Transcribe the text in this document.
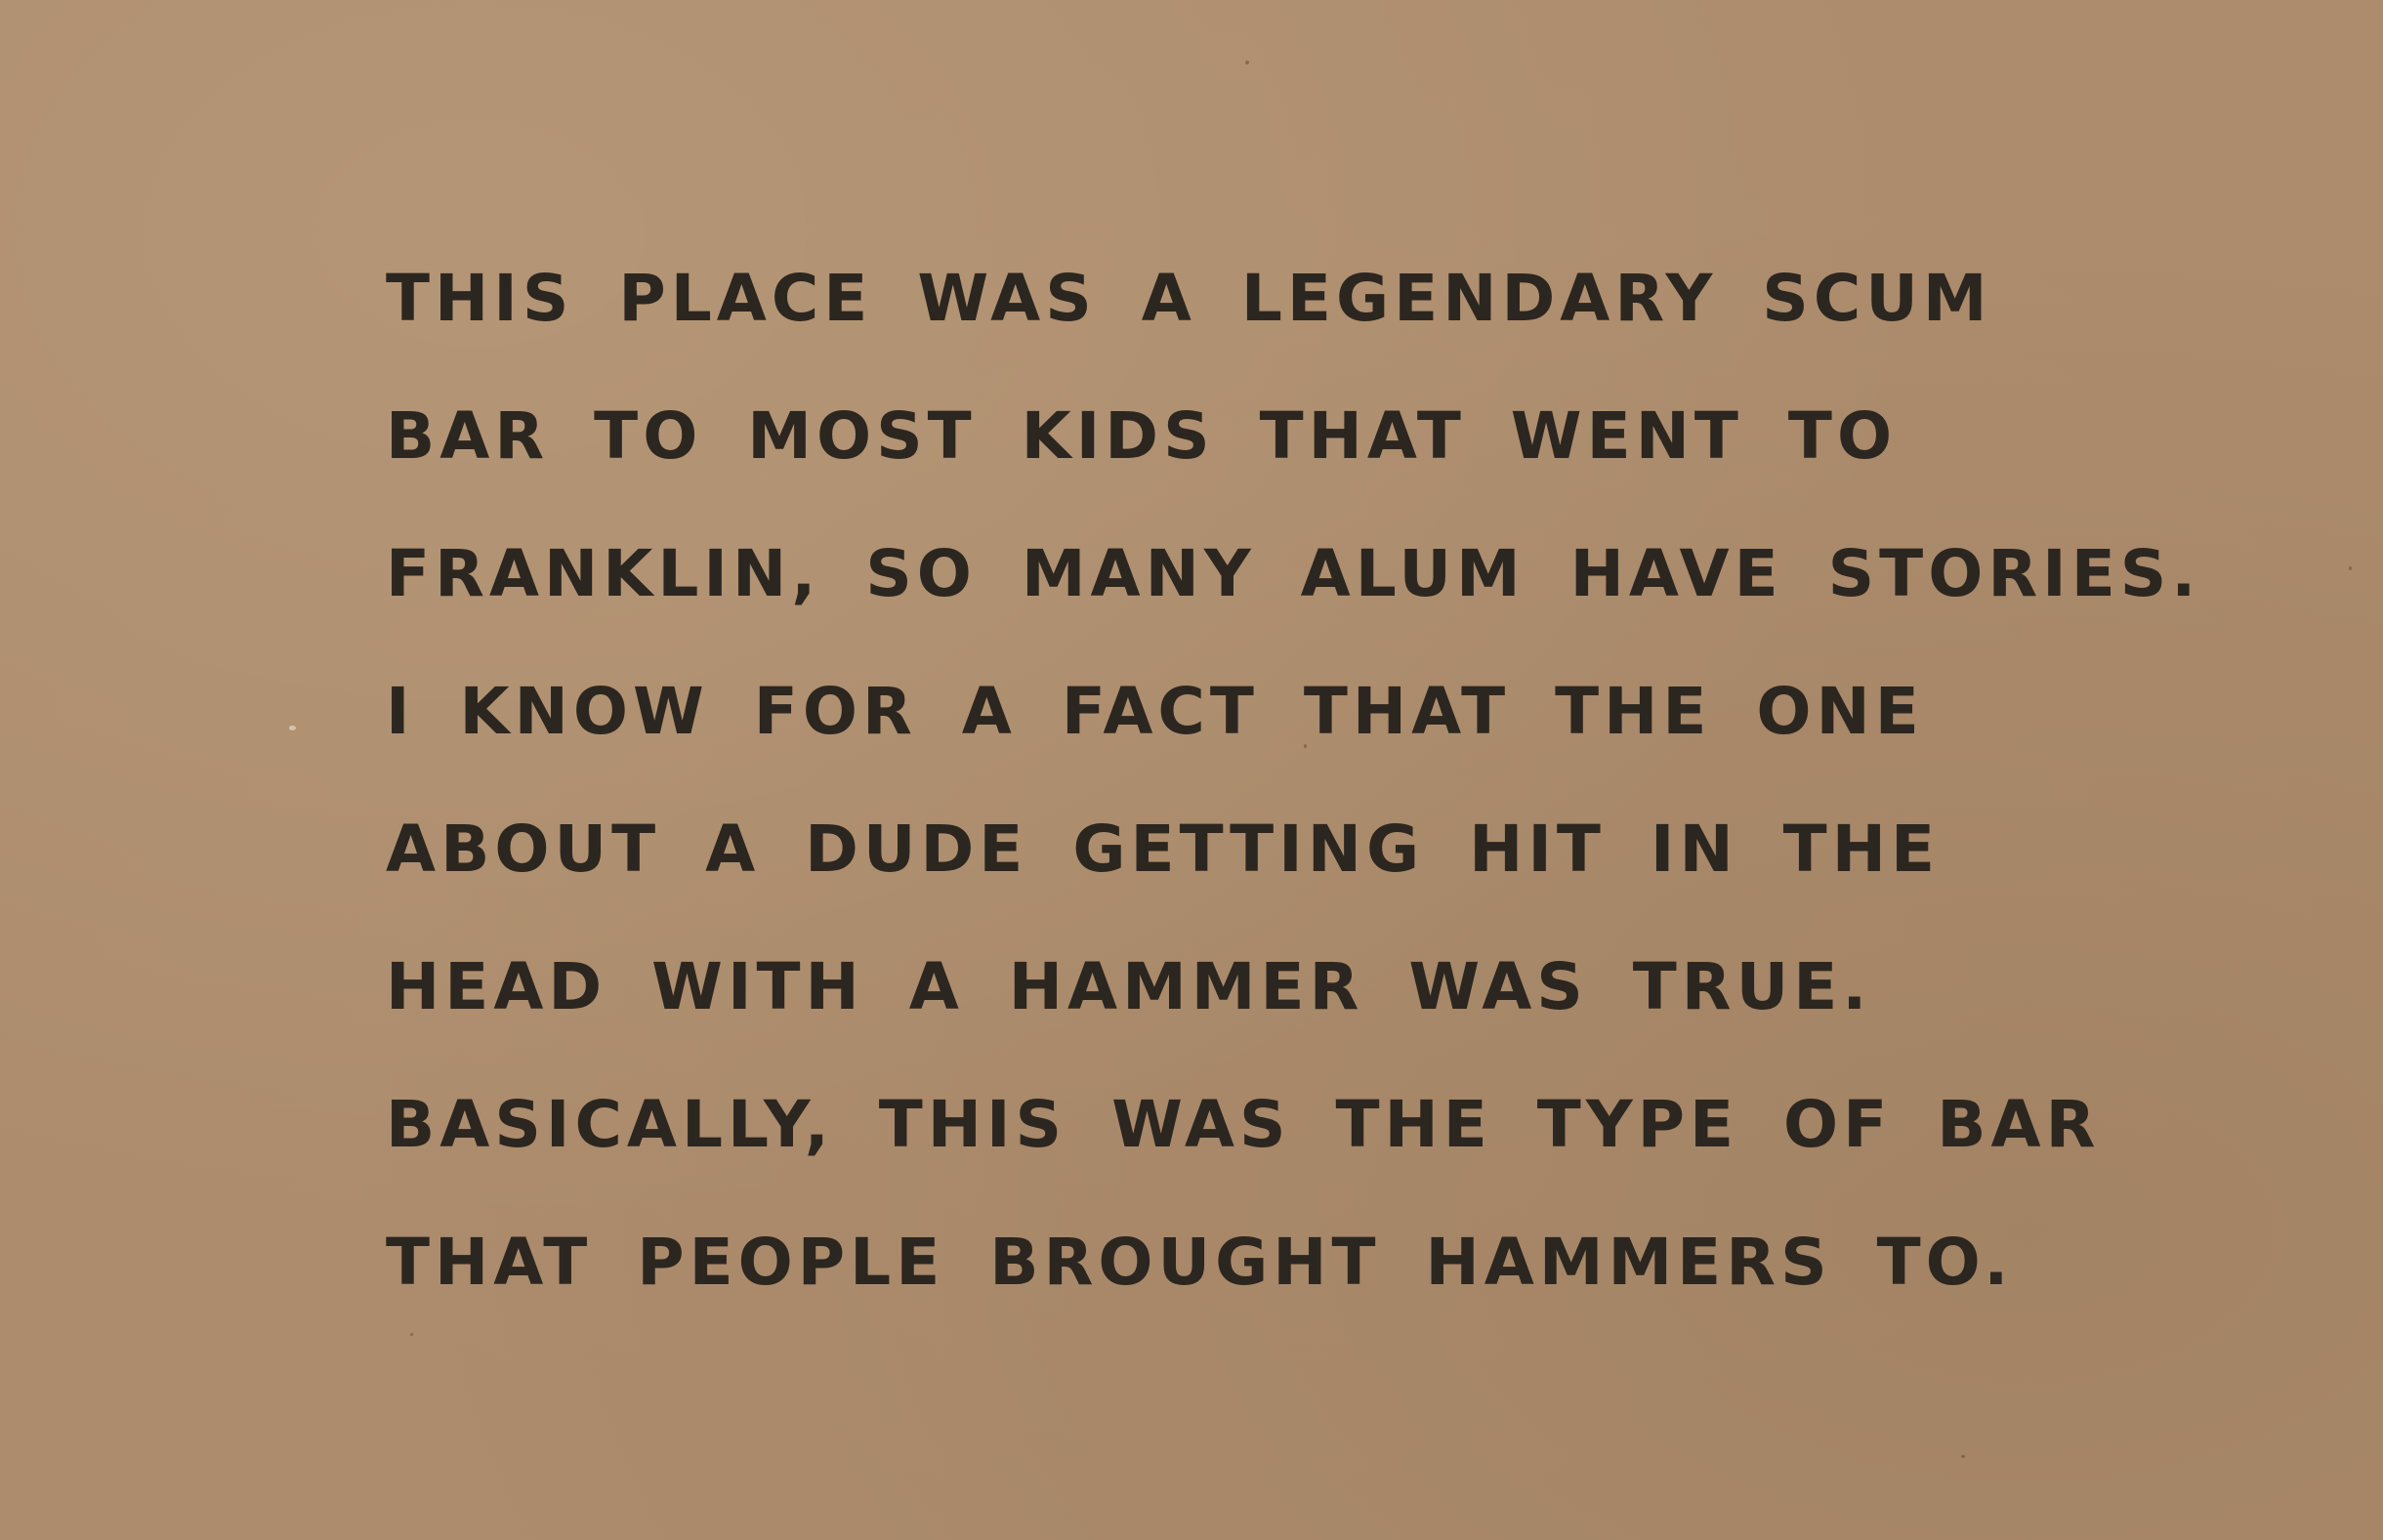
THIS PLACE WAS A LEGENDARY SCUM
BAR TO MOST KIDS THAT WENT TO
FRANKLIN, SO MANY ALUM HAVE STORIES.
I KNOW FOR A FACT THAT THE ONE
ABOUT A DUDE GETTING HIT IN THE
HEAD WITH A HAMMER WAS TRUE.
BASICALLY, THIS WAS THE TYPE OF BAR
THAT PEOPLE BROUGHT HAMMERS TO.
